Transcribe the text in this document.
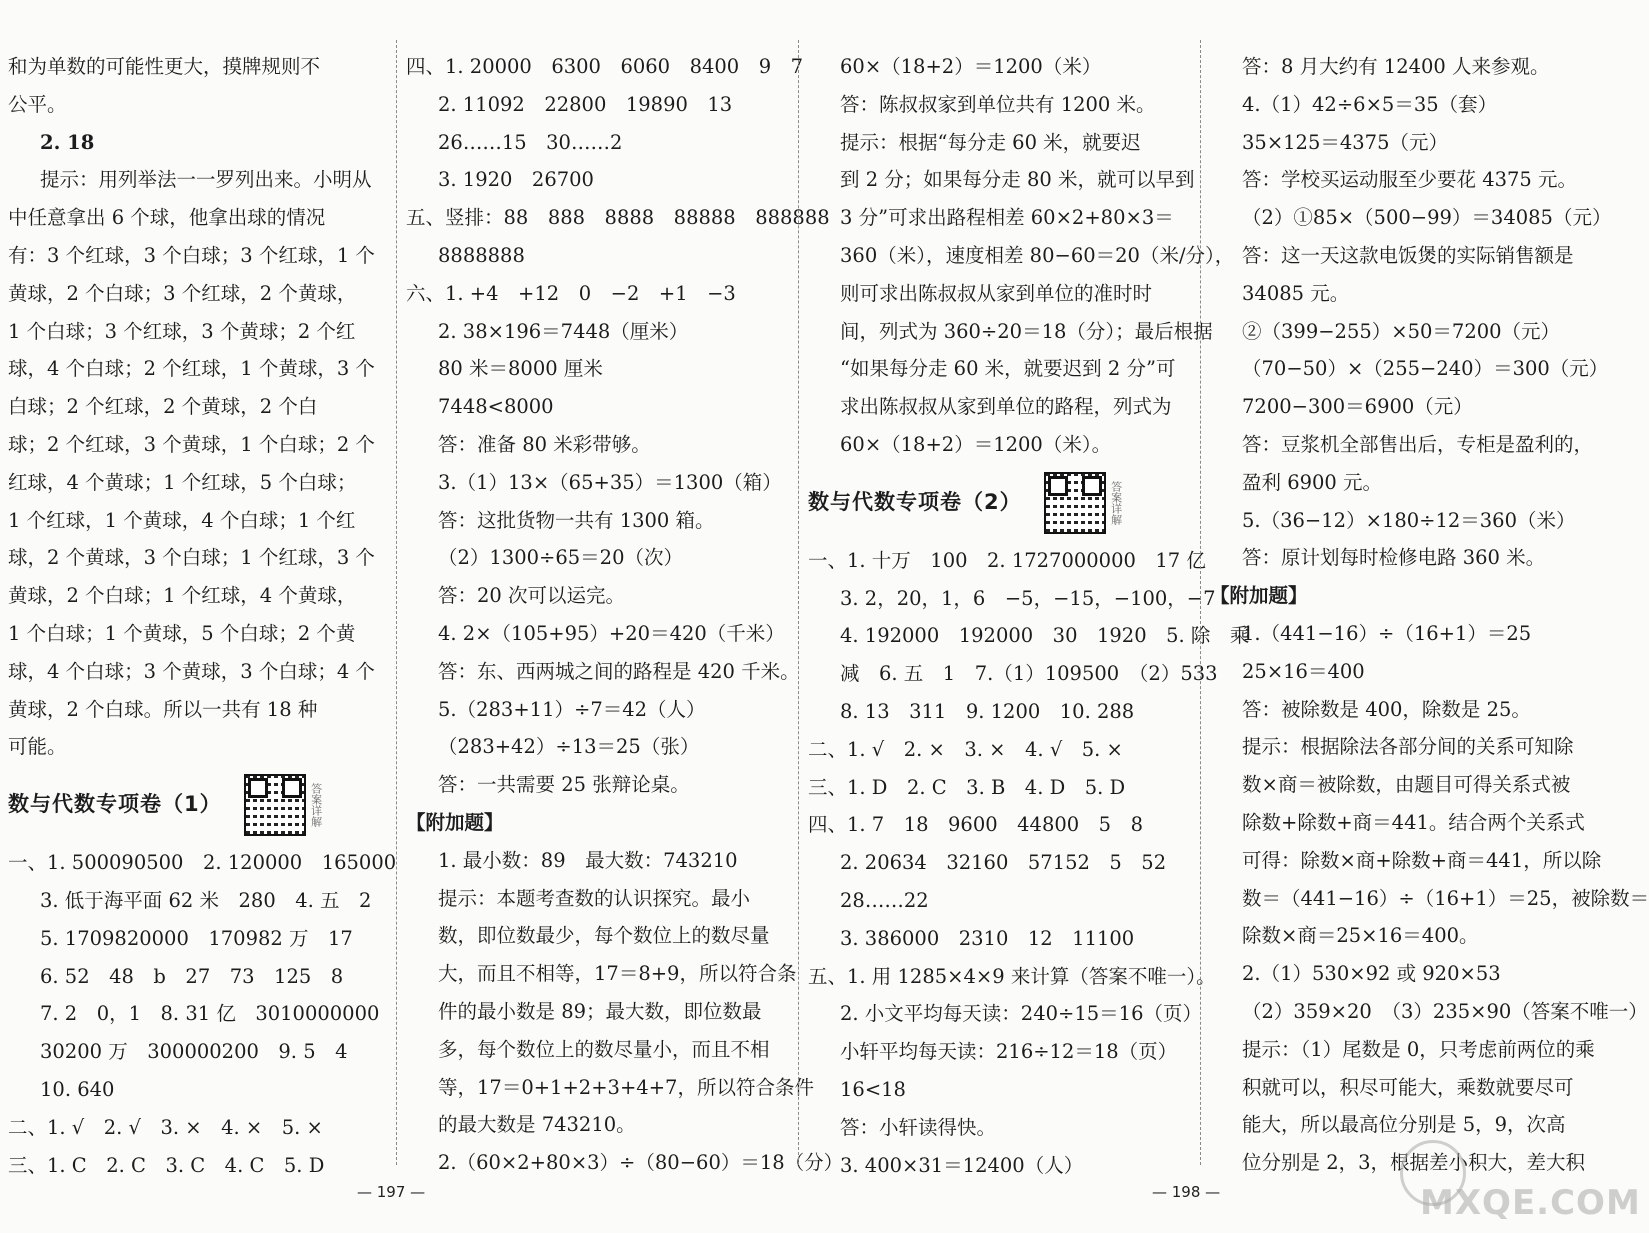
和为单数的可能性更大，摸牌规则不
公平。
2. 18
提示：用列举法一一罗列出来。小明从
中任意拿出 6 个球，他拿出球的情况
有：3 个红球，3 个白球；3 个红球，1 个
黄球，2 个白球；3 个红球，2 个黄球，
1 个白球；3 个红球，3 个黄球；2 个红
球，4 个白球；2 个红球，1 个黄球，3 个
白球；2 个红球，2 个黄球，2 个白
球；2 个红球，3 个黄球，1 个白球；2 个
红球，4 个黄球；1 个红球，5 个白球；
1 个红球，1 个黄球，4 个白球；1 个红
球，2 个黄球，3 个白球；1 个红球，3 个
黄球，2 个白球；1 个红球，4 个黄球，
1 个白球；1 个黄球，5 个白球；2 个黄
球，4 个白球；3 个黄球，3 个白球；4 个
黄球，2 个白球。所以一共有 18 种
可能。
数与代数专项卷（1）	答案详解
一、1. 500090500　2. 120000　165000
3. 低于海平面 62 米　280　4. 五　2
5. 1709820000　170982 万　17
6. 52　48　b　27　73　125　8
7. 2　0，1　8. 31 亿　3010000000
30200 万　300000200　9. 5　4
10. 640
二、1. √　2. √　3. ×　4. ×　5. ×
三、1. C　2. C　3. C　4. C　5. D
四、1. 20000　6300　6060　8400　9　7
2. 11092　22800　19890　13
26……15　30……2
3. 1920　26700
五、竖排：88　888　8888　88888　888888
8888888
六、1. +4　+12　0　−2　+1　−3
2. 38×196＝7448（厘米）
80 米＝8000 厘米
7448<8000
答：准备 80 米彩带够。
3.（1）13×（65+35）＝1300（箱）
答：这批货物一共有 1300 箱。
（2）1300÷65＝20（次）
答：20 次可以运完。
4. 2×（105+95）+20＝420（千米）
答：东、西两城之间的路程是 420 千米。
5.（283+11）÷7＝42（人）
（283+42）÷13＝25（张）
答：一共需要 25 张辩论桌。
【附加题】
1. 最小数：89　最大数：743210
提示：本题考查数的认识探究。最小
数，即位数最少，每个数位上的数尽量
大，而且不相等，17＝8+9，所以符合条
件的最小数是 89；最大数，即位数最
多，每个数位上的数尽量小，而且不相
等，17＝0+1+2+3+4+7，所以符合条件
的最大数是 743210。
2.（60×2+80×3）÷（80−60）＝18（分）
60×（18+2）＝1200（米）
答：陈叔叔家到单位共有 1200 米。
提示：根据“每分走 60 米，就要迟
到 2 分；如果每分走 80 米，就可以早到
3 分”可求出路程相差 60×2+80×3＝
360（米），速度相差 80−60＝20（米/分），
则可求出陈叔叔从家到单位的准时时
间，列式为 360÷20＝18（分）；最后根据
“如果每分走 60 米，就要迟到 2 分”可
求出陈叔叔从家到单位的路程，列式为
60×（18+2）＝1200（米）。
数与代数专项卷（2）	答案详解
一、1. 十万　100　2. 1727000000　17 亿
3. 2，20，1，6　−5，−15，−100，−7
4. 192000　192000　30　1920　5. 除　乘
减　6. 五　1　7.（1）109500　（2）533
8. 13　311　9. 1200　10. 288
二、1. √　2. ×　3. ×　4. √　5. ×
三、1. D　2. C　3. B　4. D　5. D
四、1. 7　18　9600　44800　5　8
2. 20634　32160　57152　5　52
28……22
3. 386000　2310　12　11100
五、1. 用 1285×4×9 来计算（答案不唯一）。
2. 小文平均每天读：240÷15＝16（页）
小轩平均每天读：216÷12＝18（页）
16<18
答：小轩读得快。
3. 400×31＝12400（人）
答：8 月大约有 12400 人来参观。
4.（1）42÷6×5＝35（套）
35×125＝4375（元）
答：学校买运动服至少要花 4375 元。
（2）①85×（500−99）＝34085（元）
答：这一天这款电饭煲的实际销售额是
34085 元。
②（399−255）×50＝7200（元）
（70−50）×（255−240）＝300（元）
7200−300＝6900（元）
答：豆浆机全部售出后，专柜是盈利的，
盈利 6900 元。
5.（36−12）×180÷12＝360（米）
答：原计划每时检修电路 360 米。
【附加题】
1.（441−16）÷（16+1）＝25
25×16＝400
答：被除数是 400，除数是 25。
提示：根据除法各部分间的关系可知除
数×商＝被除数，由题目可得关系式被
除数+除数+商＝441。结合两个关系式
可得：除数×商+除数+商＝441，所以除
数＝（441−16）÷（16+1）＝25，被除数＝
除数×商＝25×16＝400。
2.（1）530×92 或 920×53
（2）359×20　（3）235×90（答案不唯一）
提示：（1）尾数是 0，只考虑前两位的乘
积就可以，积尽可能大，乘数就要尽可
能大，所以最高位分别是 5，9，次高
位分别是 2，3，根据差小积大，差大积
— 197 —	— 198 —	MXQE.COM
